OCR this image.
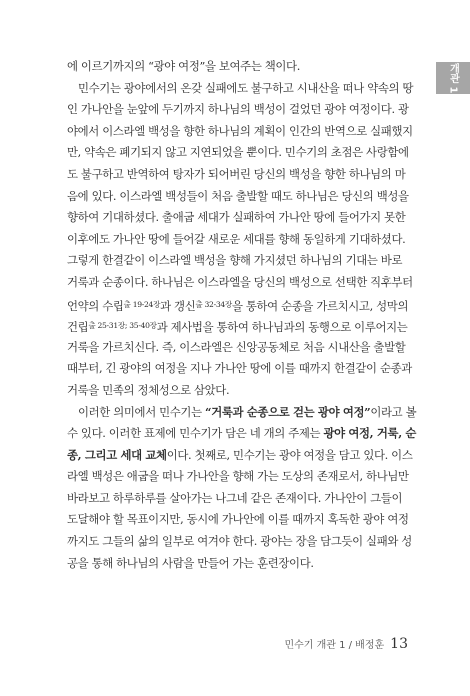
개관 1

에 이르기까지의 “광야 여정”을 보여주는 책이다.

민수기는 광야에서의 온갖 실패에도 불구하고 시내산을 떠나 약속의 땅
인 가나안을 눈앞에 두기까지 하나님의 백성이 걸었던 광야 여정이다. 광
야에서 이스라엘 백성을 향한 하나님의 계획이 인간의 반역으로 실패했지
만, 약속은 폐기되지 않고 지연되었을 뿐이다. 민수기의 초점은 사랑함에
도 불구하고 반역하여 탕자가 되어버린 당신의 백성을 향한 하나님의 마
음에 있다. 이스라엘 백성들이 처음 출발할 때도 하나님은 당신의 백성을
향하여 기대하셨다. 출애굽 세대가 실패하여 가나안 땅에 들어가지 못한
이후에도 가나안 땅에 들어갈 새로운 세대를 향해 동일하게 기대하셨다.
그렇게 한결같이 이스라엘 백성을 향해 가지셨던 하나님의 기대는 바로
거룩과 순종이다. 하나님은 이스라엘을 당신의 백성으로 선택한 직후부터
언약의 수립$^{출 19-24장}$과 갱신$^{출 32-34장}$을 통하여 순종을 가르치시고, 성막의
건립$^{출 25-31장; 35-40장}$과 제사법을 통하여 하나님과의 동행으로 이루어지는
거룩을 가르치신다. 즉, 이스라엘은 신앙공동체로 처음 시내산을 출발할
때부터, 긴 광야의 여정을 지나 가나안 땅에 이를 때까지 한결같이 순종과
거룩을 민족의 정체성으로 삼았다.

이러한 의미에서 민수기는 “거룩과 순종으로 걷는 광야 여정”이라고 볼
수 있다. 이러한 표제에 민수기가 담은 네 개의 주제는 광야 여정, 거룩, 순
종, 그리고 세대 교체이다. 첫째로, 민수기는 광야 여정을 담고 있다. 이스
라엘 백성은 애굽을 떠나 가나안을 향해 가는 도상의 존재로서, 하나님만
바라보고 하루하루를 살아가는 나그네 같은 존재이다. 가나안이 그들이
도달해야 할 목표이지만, 동시에 가나안에 이를 때까지 혹독한 광야 여정
까지도 그들의 삶의 일부로 여겨야 한다. 광야는 장을 담그듯이 실패와 성
공을 통해 하나님의 사람을 만들어 가는 훈련장이다.

민수기 개관 1 / 배정훈 13
